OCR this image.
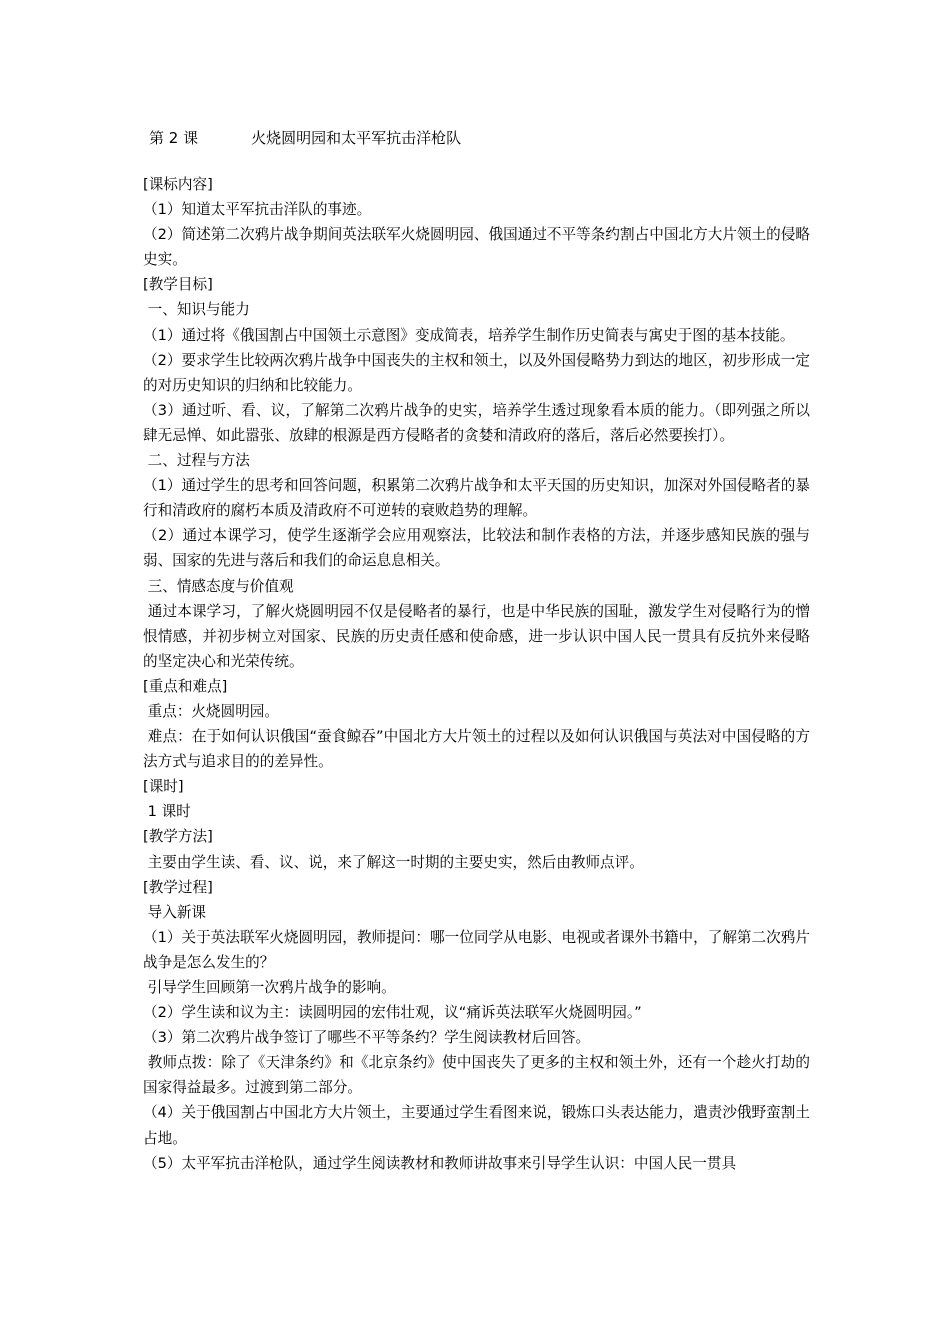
第 2 课	火烧圆明园和太平军抗击洋枪队

[课标内容]

（1）知道太平军抗击洋队的事迹。

（2）简述第二次鸦片战争期间英法联军火烧圆明园、俄国通过不平等条约割占中国北方大片领土的侵略史实。

[教学目标]

一、知识与能力

（1）通过将《俄国割占中国领土示意图》变成简表，培养学生制作历史简表与寓史于图的基本技能。

（2）要求学生比较两次鸦片战争中国丧失的主权和领土，以及外国侵略势力到达的地区，初步形成一定的对历史知识的归纳和比较能力。

（3）通过听、看、议，了解第二次鸦片战争的史实，培养学生透过现象看本质的能力。（即列强之所以肆无忌惮、如此嚣张、放肆的根源是西方侵略者的贪婪和清政府的落后，落后必然要挨打）。

二、过程与方法

（1）通过学生的思考和回答问题，积累第二次鸦片战争和太平天国的历史知识，加深对外国侵略者的暴行和清政府的腐朽本质及清政府不可逆转的衰败趋势的理解。

（2）通过本课学习，使学生逐渐学会应用观察法，比较法和制作表格的方法，并逐步感知民族的强与弱、国家的先进与落后和我们的命运息息相关。

三、情感态度与价值观

通过本课学习，了解火烧圆明园不仅是侵略者的暴行，也是中华民族的国耻，激发学生对侵略行为的憎恨情感，并初步树立对国家、民族的历史责任感和使命感，进一步认识中国人民一贯具有反抗外来侵略的坚定决心和光荣传统。

[重点和难点]

重点：火烧圆明园。

难点：在于如何认识俄国“蚕食鲸吞”中国北方大片领土的过程以及如何认识俄国与英法对中国侵略的方法方式与追求目的的差异性。

[课时]

1 课时

[教学方法]

主要由学生读、看、议、说，来了解这一时期的主要史实，然后由教师点评。

[教学过程]

导入新课

（1）关于英法联军火烧圆明园，教师提问：哪一位同学从电影、电视或者课外书籍中，了解第二次鸦片战争是怎么发生的？

引导学生回顾第一次鸦片战争的影响。

（2）学生读和议为主：读圆明园的宏伟壮观，议“痛诉英法联军火烧圆明园。”

（3）第二次鸦片战争签订了哪些不平等条约？学生阅读教材后回答。

教师点拨：除了《天津条约》和《北京条约》使中国丧失了更多的主权和领土外，还有一个趁火打劫的国家得益最多。过渡到第二部分。

（4）关于俄国割占中国北方大片领土，主要通过学生看图来说，锻炼口头表达能力，遣责沙俄野蛮割土占地。

（5）太平军抗击洋枪队，通过学生阅读教材和教师讲故事来引导学生认识：中国人民一贯具
